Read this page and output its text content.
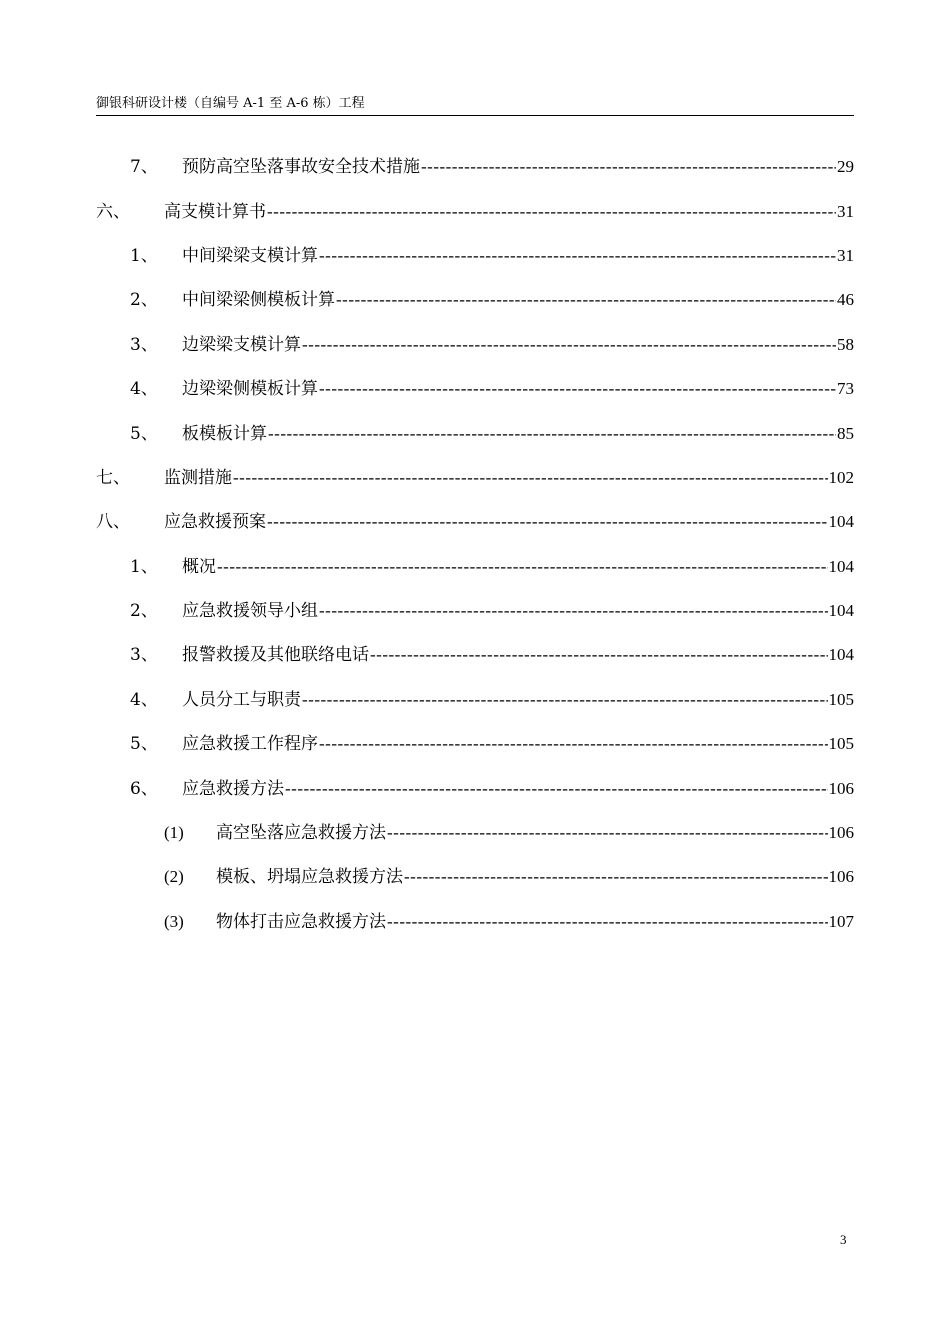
御银科研设计楼（自编号 A-1 至 A-6 栋）工程
7、	预防高空坠落事故安全技术措施 -----	29
六、	高支模计算书 -----	31
1、	中间梁梁支模计算 -----	31
2、	中间梁梁侧模板计算 -----	46
3、	边梁梁支模计算 -----	58
4、	边梁梁侧模板计算 -----	73
5、	板模板计算 -----	85
七、	监测措施 -----	102
八、	应急救援预案 -----	104
1、	概况 -----	104
2、	应急救援领导小组 -----	104
3、	报警救援及其他联络电话 -----	104
4、	人员分工与职责 -----	105
5、	应急救援工作程序 -----	105
6、	应急救援方法 -----	106
(1)	高空坠落应急救援方法 -----	106
(2)	模板、坍塌应急救援方法 -----	106
(3)	物体打击应急救援方法 -----	107
3
